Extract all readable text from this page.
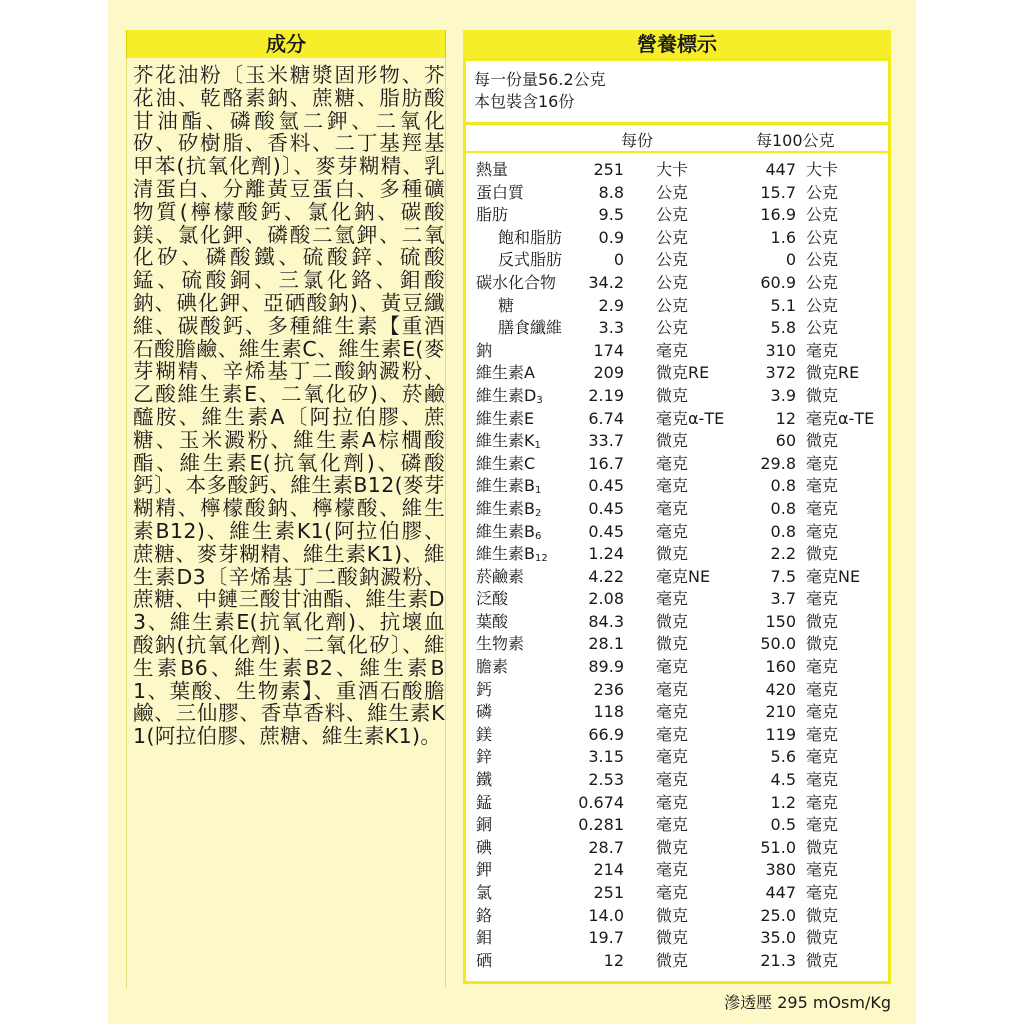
成分

芥花油粉〔玉米糖漿固形物、芥花油、乾酪素鈉、蔗糖、脂肪酸甘油酯、磷酸氫二鉀、二氧化矽、矽樹脂、香料、二丁基羥基甲苯(抗氧化劑)〕、麥芽糊精、乳清蛋白、分離黃豆蛋白、多種礦物質(檸檬酸鈣、氯化鈉、碳酸鎂、氯化鉀、磷酸二氫鉀、二氧化矽、磷酸鐵、硫酸鋅、硫酸錳、硫酸銅、三氯化鉻、鉬酸鈉、碘化鉀、亞硒酸鈉)、黃豆纖維、碳酸鈣、多種維生素【重酒石酸膽鹼、維生素C、維生素E(麥芽糊精、辛烯基丁二酸鈉澱粉、乙酸維生素E、二氧化矽)、菸鹼醯胺、維生素A〔阿拉伯膠、蔗糖、玉米澱粉、維生素A棕櫚酸酯、維生素E(抗氧化劑)、磷酸鈣〕、本多酸鈣、維生素B12(麥芽糊精、檸檬酸鈉、檸檬酸、維生素B12)、維生素K1(阿拉伯膠、蔗糖、麥芽糊精、維生素K1)、維生素D3〔辛烯基丁二酸鈉澱粉、蔗糖、中鏈三酸甘油酯、維生素D3、維生素E(抗氧化劑)、抗壞血酸鈉(抗氧化劑)、二氧化矽〕、維生素B6、維生素B2、維生素B1、葉酸、生物素】、重酒石酸膽鹼、三仙膠、香草香料、維生素K1(阿拉伯膠、蔗糖、維生素K1)。

營養標示
每一份量56.2公克
本包裝含16份
每份	每100公克
熱量	251 大卡	447 大卡
蛋白質	8.8 公克	15.7 公克
脂肪	9.5 公克	16.9 公克
飽和脂肪	0.9 公克	1.6 公克
反式脂肪	0 公克	0 公克
碳水化合物	34.2 公克	60.9 公克
糖	2.9 公克	5.1 公克
膳食纖維	3.3 公克	5.8 公克
鈉	174 毫克	310 毫克
維生素A	209 微克RE	372 微克RE
維生素$D_3$	2.19 微克	3.9 微克
維生素E	6.74 毫克α-TE	12 毫克α-TE
維生素$K_1$	33.7 微克	60 微克
維生素C	16.7 毫克	29.8 毫克
維生素$B_1$	0.45 毫克	0.8 毫克
維生素$B_2$	0.45 毫克	0.8 毫克
維生素$B_6$	0.45 毫克	0.8 毫克
維生素$B_{12}$	1.24 微克	2.2 微克
菸鹼素	4.22 毫克NE	7.5 毫克NE
泛酸	2.08 毫克	3.7 毫克
葉酸	84.3 微克	150 微克
生物素	28.1 微克	50.0 微克
膽素	89.9 毫克	160 毫克
鈣	236 毫克	420 毫克
磷	118 毫克	210 毫克
鎂	66.9 毫克	119 毫克
鋅	3.15 毫克	5.6 毫克
鐵	2.53 毫克	4.5 毫克
錳	0.674 毫克	1.2 毫克
銅	0.281 毫克	0.5 毫克
碘	28.7 微克	51.0 微克
鉀	214 毫克	380 毫克
氯	251 毫克	447 毫克
鉻	14.0 微克	25.0 微克
鉬	19.7 微克	35.0 微克
硒	12 微克	21.3 微克
滲透壓 295 mOsm/Kg
